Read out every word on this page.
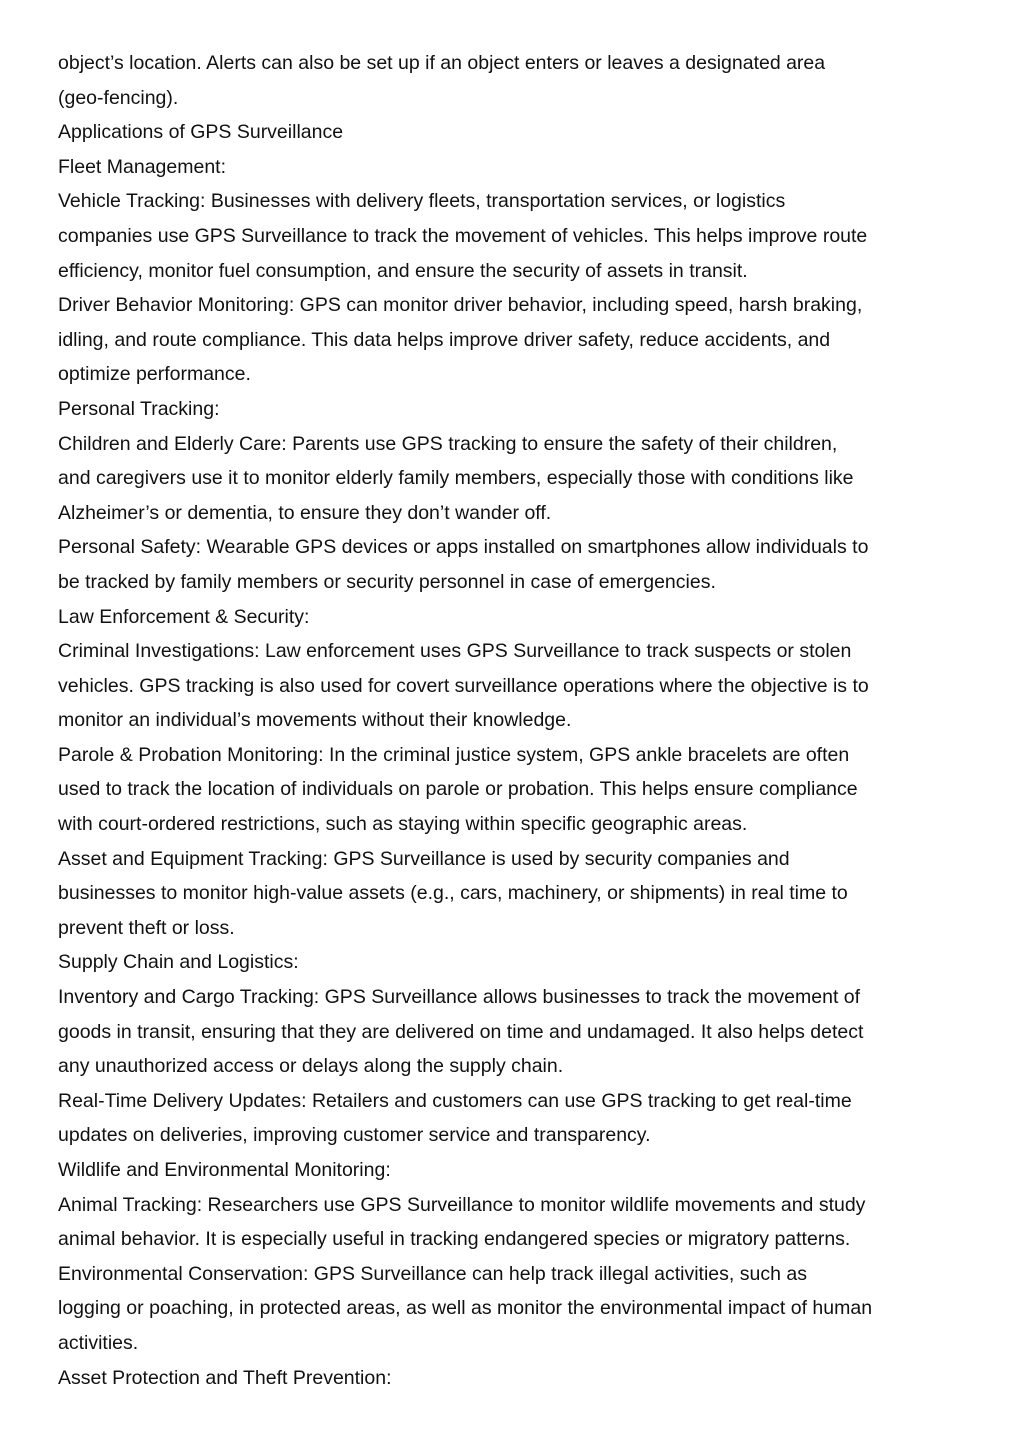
object’s location. Alerts can also be set up if an object enters or leaves a designated area
(geo-fencing).
Applications of GPS Surveillance
Fleet Management:
Vehicle Tracking: Businesses with delivery fleets, transportation services, or logistics
companies use GPS Surveillance to track the movement of vehicles. This helps improve route
efficiency, monitor fuel consumption, and ensure the security of assets in transit.
Driver Behavior Monitoring: GPS can monitor driver behavior, including speed, harsh braking,
idling, and route compliance. This data helps improve driver safety, reduce accidents, and
optimize performance.
Personal Tracking:
Children and Elderly Care: Parents use GPS tracking to ensure the safety of their children,
and caregivers use it to monitor elderly family members, especially those with conditions like
Alzheimer’s or dementia, to ensure they don’t wander off.
Personal Safety: Wearable GPS devices or apps installed on smartphones allow individuals to
be tracked by family members or security personnel in case of emergencies.
Law Enforcement & Security:
Criminal Investigations: Law enforcement uses GPS Surveillance to track suspects or stolen
vehicles. GPS tracking is also used for covert surveillance operations where the objective is to
monitor an individual’s movements without their knowledge.
Parole & Probation Monitoring: In the criminal justice system, GPS ankle bracelets are often
used to track the location of individuals on parole or probation. This helps ensure compliance
with court-ordered restrictions, such as staying within specific geographic areas.
Asset and Equipment Tracking: GPS Surveillance is used by security companies and
businesses to monitor high-value assets (e.g., cars, machinery, or shipments) in real time to
prevent theft or loss.
Supply Chain and Logistics:
Inventory and Cargo Tracking: GPS Surveillance allows businesses to track the movement of
goods in transit, ensuring that they are delivered on time and undamaged. It also helps detect
any unauthorized access or delays along the supply chain.
Real-Time Delivery Updates: Retailers and customers can use GPS tracking to get real-time
updates on deliveries, improving customer service and transparency.
Wildlife and Environmental Monitoring:
Animal Tracking: Researchers use GPS Surveillance to monitor wildlife movements and study
animal behavior. It is especially useful in tracking endangered species or migratory patterns.
Environmental Conservation: GPS Surveillance can help track illegal activities, such as
logging or poaching, in protected areas, as well as monitor the environmental impact of human
activities.
Asset Protection and Theft Prevention:
